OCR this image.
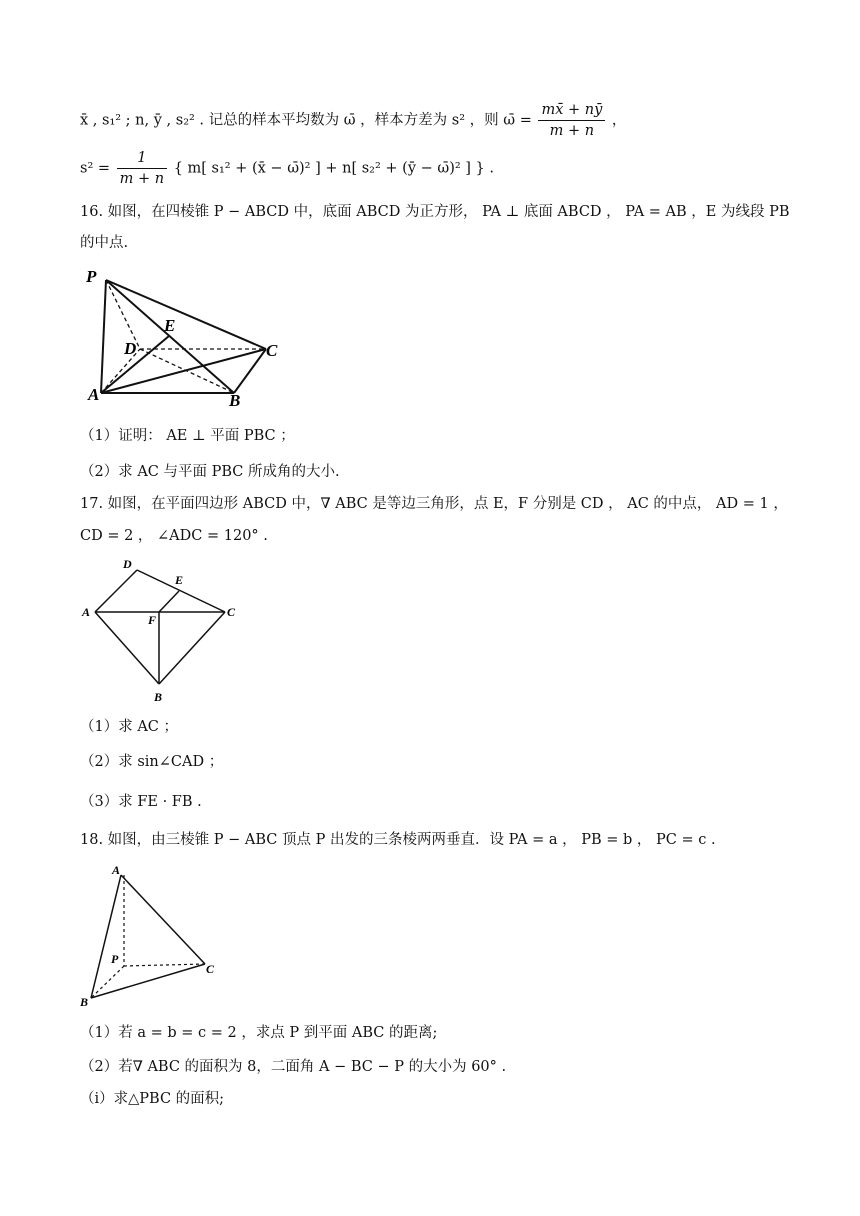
x̄ , s₁² ; n, ȳ , s₂² . 记总的样本平均数为 ω̄ ，样本方差为 s² ，则 ω̄ = $\frac{mx̄ + nȳ}{m + n}$ ，
$s^2 = \frac{1}{m + n}$ { m[ s₁² + (x̄ − ω̄)² ] + n[ s₂² + (ȳ − ω̄)² ] } .
16. 如图，在四棱锥 P − ABCD 中，底面 ABCD 为正方形， PA ⊥ 底面 ABCD ， PA = AB ，E 为线段 PB
的中点.
P
E
D	C
A	B
（1）证明： AE ⊥ 平面 PBC ；
（2）求 AC 与平面 PBC 所成角的大小.
17. 如图，在平面四边形 ABCD 中，∇ ABC 是等边三角形，点 E，F 分别是 CD ， AC 的中点， AD = 1 ，
CD = 2 ， ∠ADC = 120° .
D
E
A
F
C
B
（1）求 AC ；
（2）求 sin∠CAD ；
（3）求 FE · FB .
18. 如图，由三棱锥 P − ABC 顶点 P 出发的三条棱两两垂直．设 PA = a ， PB = b ， PC = c .
A
P
C
B
（1）若 a = b = c = 2 ，求点 P 到平面 ABC 的距离;
（2）若∇ ABC 的面积为 8，二面角 A − BC − P 的大小为 60° .
（ⅰ）求△PBC 的面积;
